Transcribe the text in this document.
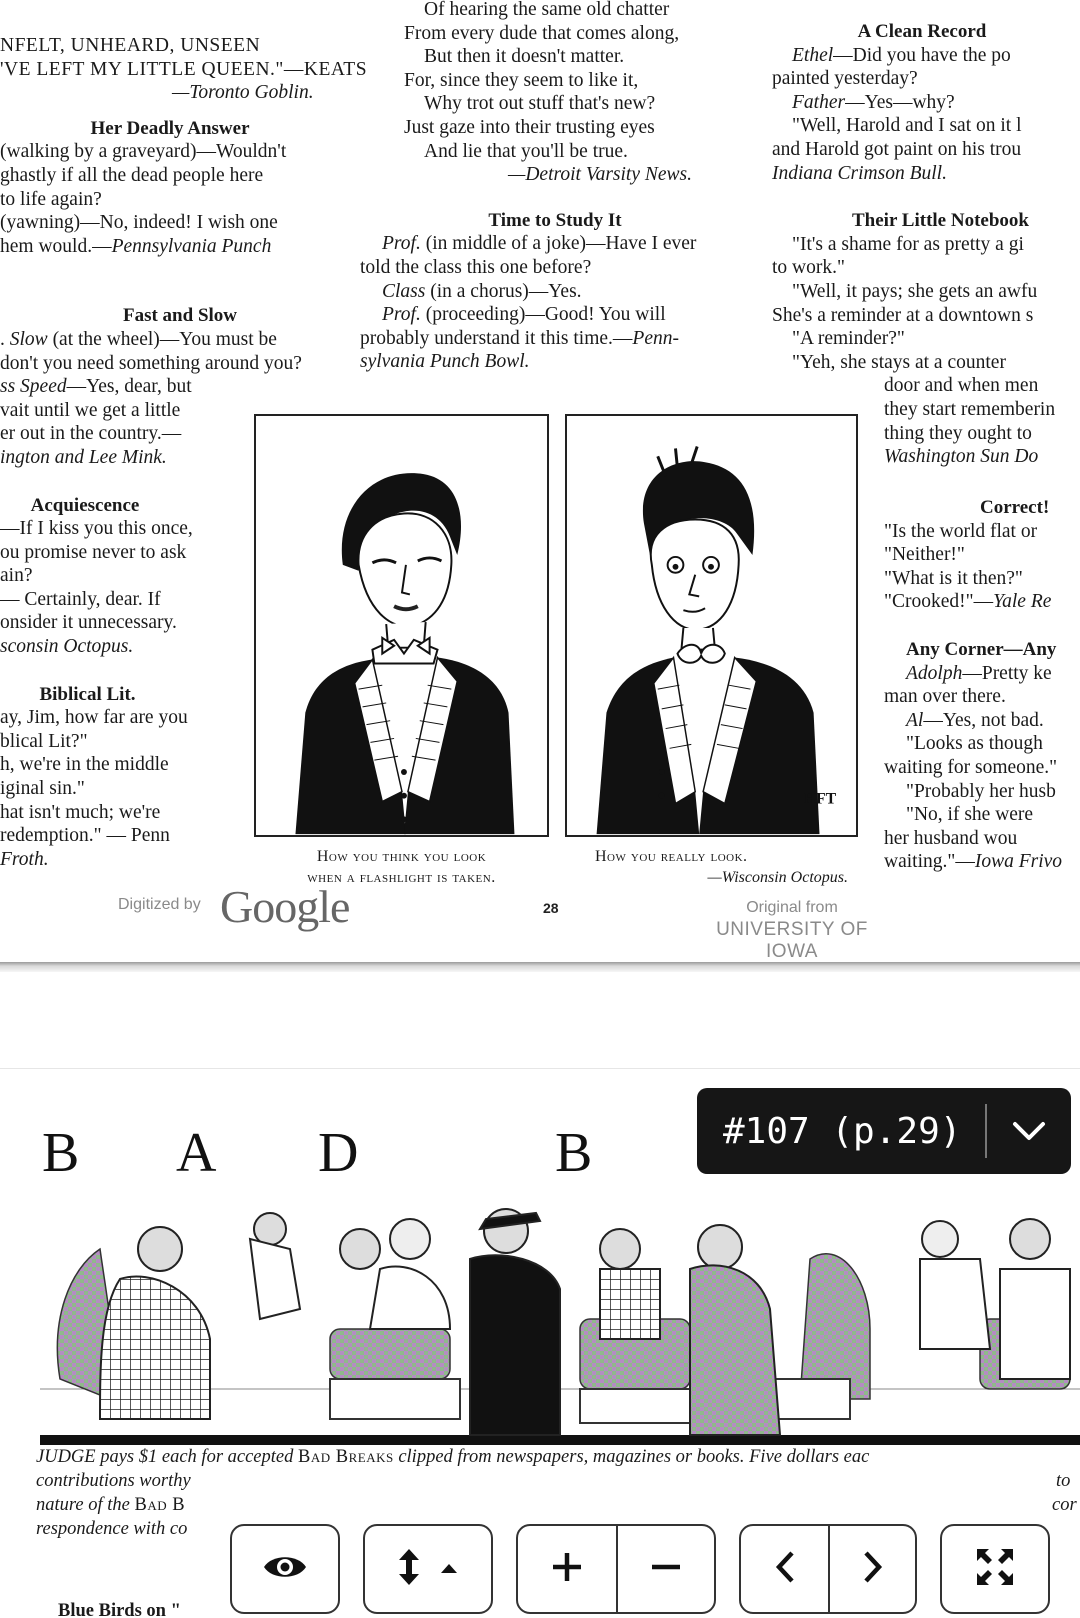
NFELT, UNHEARD, UNSEEN

'VE LEFT MY LITTLE QUEEN."—KEATS

—Toronto Goblin.

Her Deadly Answer

(walking by a graveyard)—Wouldn't

ghastly if all the dead people here

to life again?

(yawning)—No, indeed! I wish one

hem would.—Pennsylvania Punch

Fast and Slow

. Slow (at the wheel)—You must be

don't you need something around you?

ss Speed—Yes, dear, but

vait until we get a little

er out in the country.—

ington and Lee Mink.

Acquiescence

—If I kiss you this once,

ou promise never to ask

ain?

— Certainly, dear. If

onsider it unnecessary.

sconsin Octopus.

Biblical Lit.

ay, Jim, how far are you

blical Lit?"

h, we're in the middle

iginal sin."

hat isn't much; we're

redemption." — Penn

Froth.

Of hearing the same old chatter

From every dude that comes along,

But then it doesn't matter.

For, since they seem to like it,

Why trot out stuff that's new?

Just gaze into their trusting eyes

And lie that you'll be true.

—Detroit Varsity News.

Time to Study It

Prof. (in middle of a joke)—Have I ever

told the class this one before?

Class (in a chorus)—Yes.

Prof. (proceeding)—Good! You will

probably understand it this time.—Penn-

sylvania Punch Bowl.

A Clean Record

Ethel—Did you have the po

painted yesterday?

Father—Yes—why?

"Well, Harold and I sat on it l

and Harold got paint on his trou

Indiana Crimson Bull.

Their Little Notebook

"It's a shame for as pretty a gi

to work."

"Well, it pays; she gets an awfu

She's a reminder at a downtown s

"A reminder?"

"Yeh, she stays at a counter

door and when men

they start rememberin

thing they ought to

Washington Sun Do

Correct!

"Is the world flat or

"Neither!"

"What is it then?"

"Crooked!"—Yale Re

Any Corner—Any

Adolph—Pretty ke

man over there.

Al—Yes, not bad.

"Looks as though

waiting for someone."

"Probably her husb

"No, if she were

her husband wou

waiting."—Iowa Frivo

How you think you look

when a flashlight is taken.

HFT

How you really look.

—Wisconsin Octopus.

Digitized by Google	28	Original from
UNIVERSITY OF IOWA
B A D	B
JUDGE pays $1 each for accepted Bad Breaks clipped from newspapers, magazines or books. Five dollars eac
contributions worthy	to
nature of the Bad B	cor
respondence with co
Blue Birds on "
#107 (p.29)
